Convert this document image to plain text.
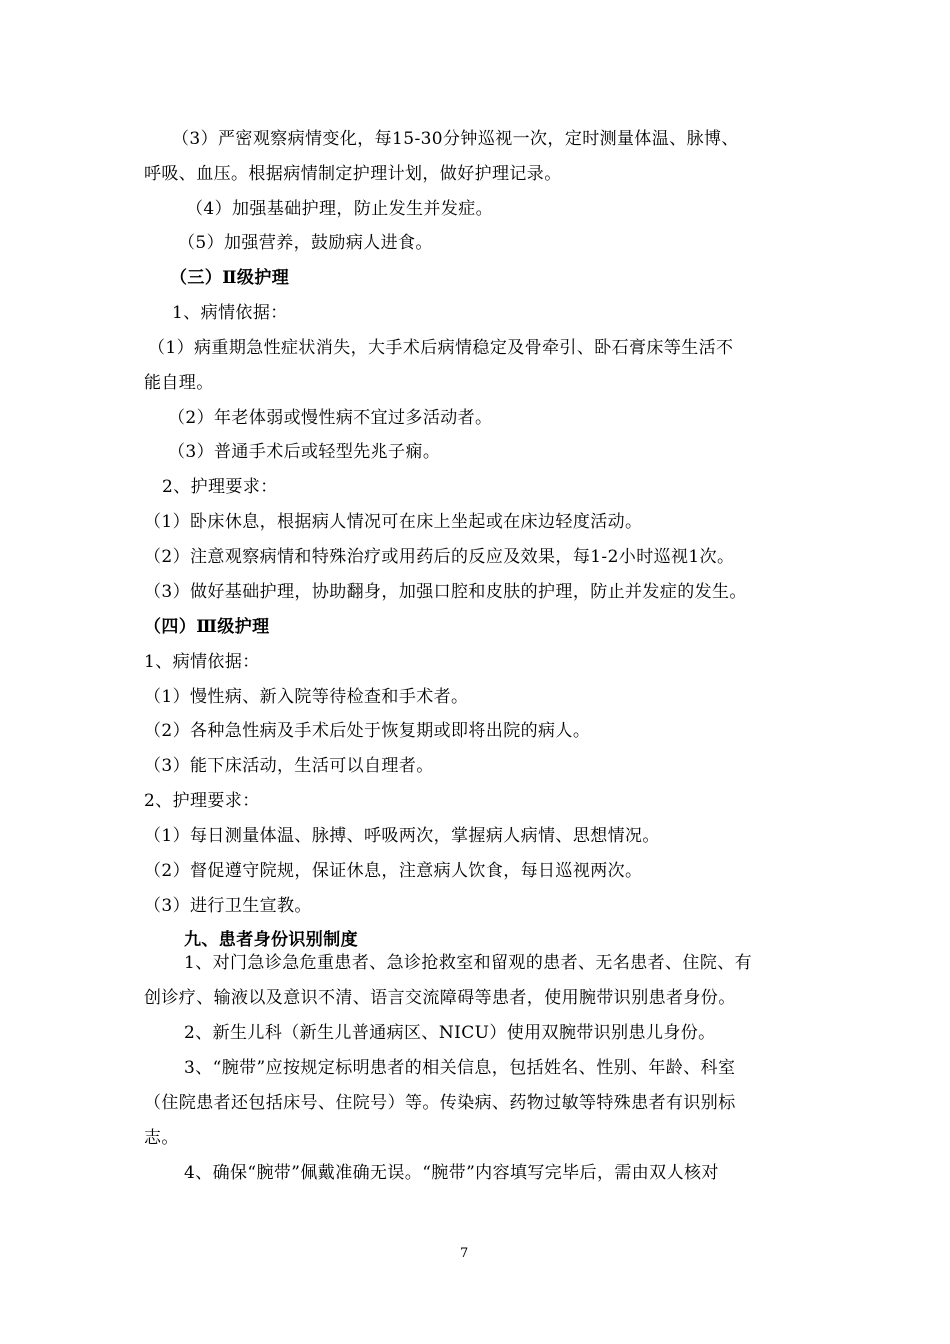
（3）严密观察病情变化，每15-30分钟巡视一次，定时测量体温、脉博、
呼吸、血压。根据病情制定护理计划，做好护理记录。
（4）加强基础护理，防止发生并发症。
（5）加强营养，鼓励病人进食。
（三）Ⅱ级护理
1、病情依据：
（1）病重期急性症状消失，大手术后病情稳定及骨牵引、卧石膏床等生活不
能自理。
（2）年老体弱或慢性病不宜过多活动者。
（3）普通手术后或轻型先兆子痫。
2、护理要求：
（1）卧床休息，根据病人情况可在床上坐起或在床边轻度活动。
（2）注意观察病情和特殊治疗或用药后的反应及效果，每1-2小时巡视1次。
（3）做好基础护理，协助翻身，加强口腔和皮肤的护理，防止并发症的发生。
（四）Ⅲ级护理
1、病情依据：
（1）慢性病、新入院等待检查和手术者。
（2）各种急性病及手术后处于恢复期或即将出院的病人。
（3）能下床活动，生活可以自理者。
2、护理要求：
（1）每日测量体温、脉搏、呼吸两次，掌握病人病情、思想情况。
（2）督促遵守院规，保证休息，注意病人饮食，每日巡视两次。
（3）进行卫生宣教。
九、患者身份识别制度
1、对门急诊急危重患者、急诊抢救室和留观的患者、无名患者、住院、有
创诊疗、输液以及意识不清、语言交流障碍等患者，使用腕带识别患者身份。
2、新生儿科（新生儿普通病区、NICU）使用双腕带识别患儿身份。
3、“腕带”应按规定标明患者的相关信息，包括姓名、性别、年龄、科室
（住院患者还包括床号、住院号）等。传染病、药物过敏等特殊患者有识别标
志。
4、确保“腕带”佩戴准确无误。“腕带”内容填写完毕后，需由双人核对
7
